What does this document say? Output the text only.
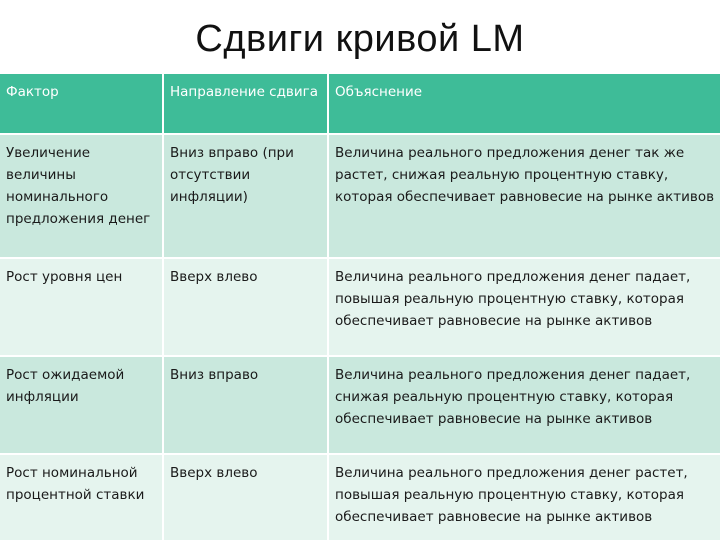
Сдвиги кривой LM
Фактор	Направление сдвига	Объяснение
Увеличение величины номинального предложения денег	Вниз вправо (при отсутствии инфляции)	Величина реального предложения денег так же растет, снижая реальную процентную ставку, которая обеспечивает равновесие на рынке активов
Рост уровня цен	Вверх влево	Величина реального предложения денег падает, повышая реальную процентную ставку, которая обеспечивает равновесие на рынке активов
Рост ожидаемой инфляции	Вниз вправо	Величина реального предложения денег падает, снижая реальную процентную ставку, которая обеспечивает равновесие на рынке активов
Рост номинальной процентной ставки	Вверх влево	Величина реального предложения денег растет, повышая реальную процентную ставку, которая обеспечивает равновесие на рынке активов
